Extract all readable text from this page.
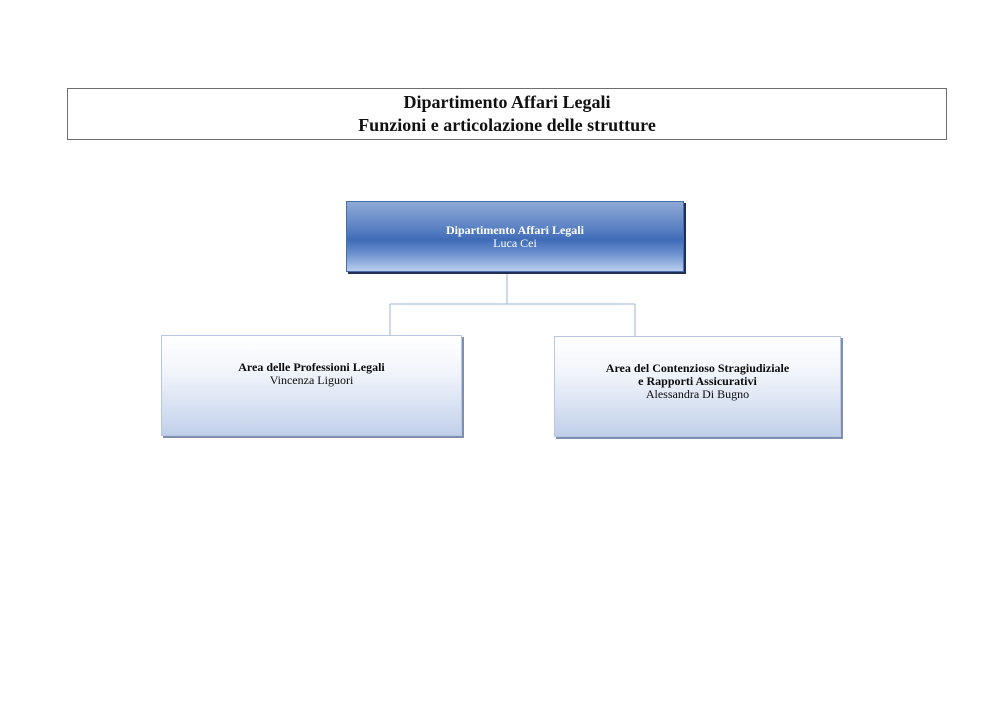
Dipartimento Affari Legali
Funzioni e articolazione delle strutture
Dipartimento Affari Legali
Luca Cei
Area delle Professioni Legali
Vincenza Liguori
Area del Contenzioso Stragiudiziale
e Rapporti Assicurativi
Alessandra Di Bugno
